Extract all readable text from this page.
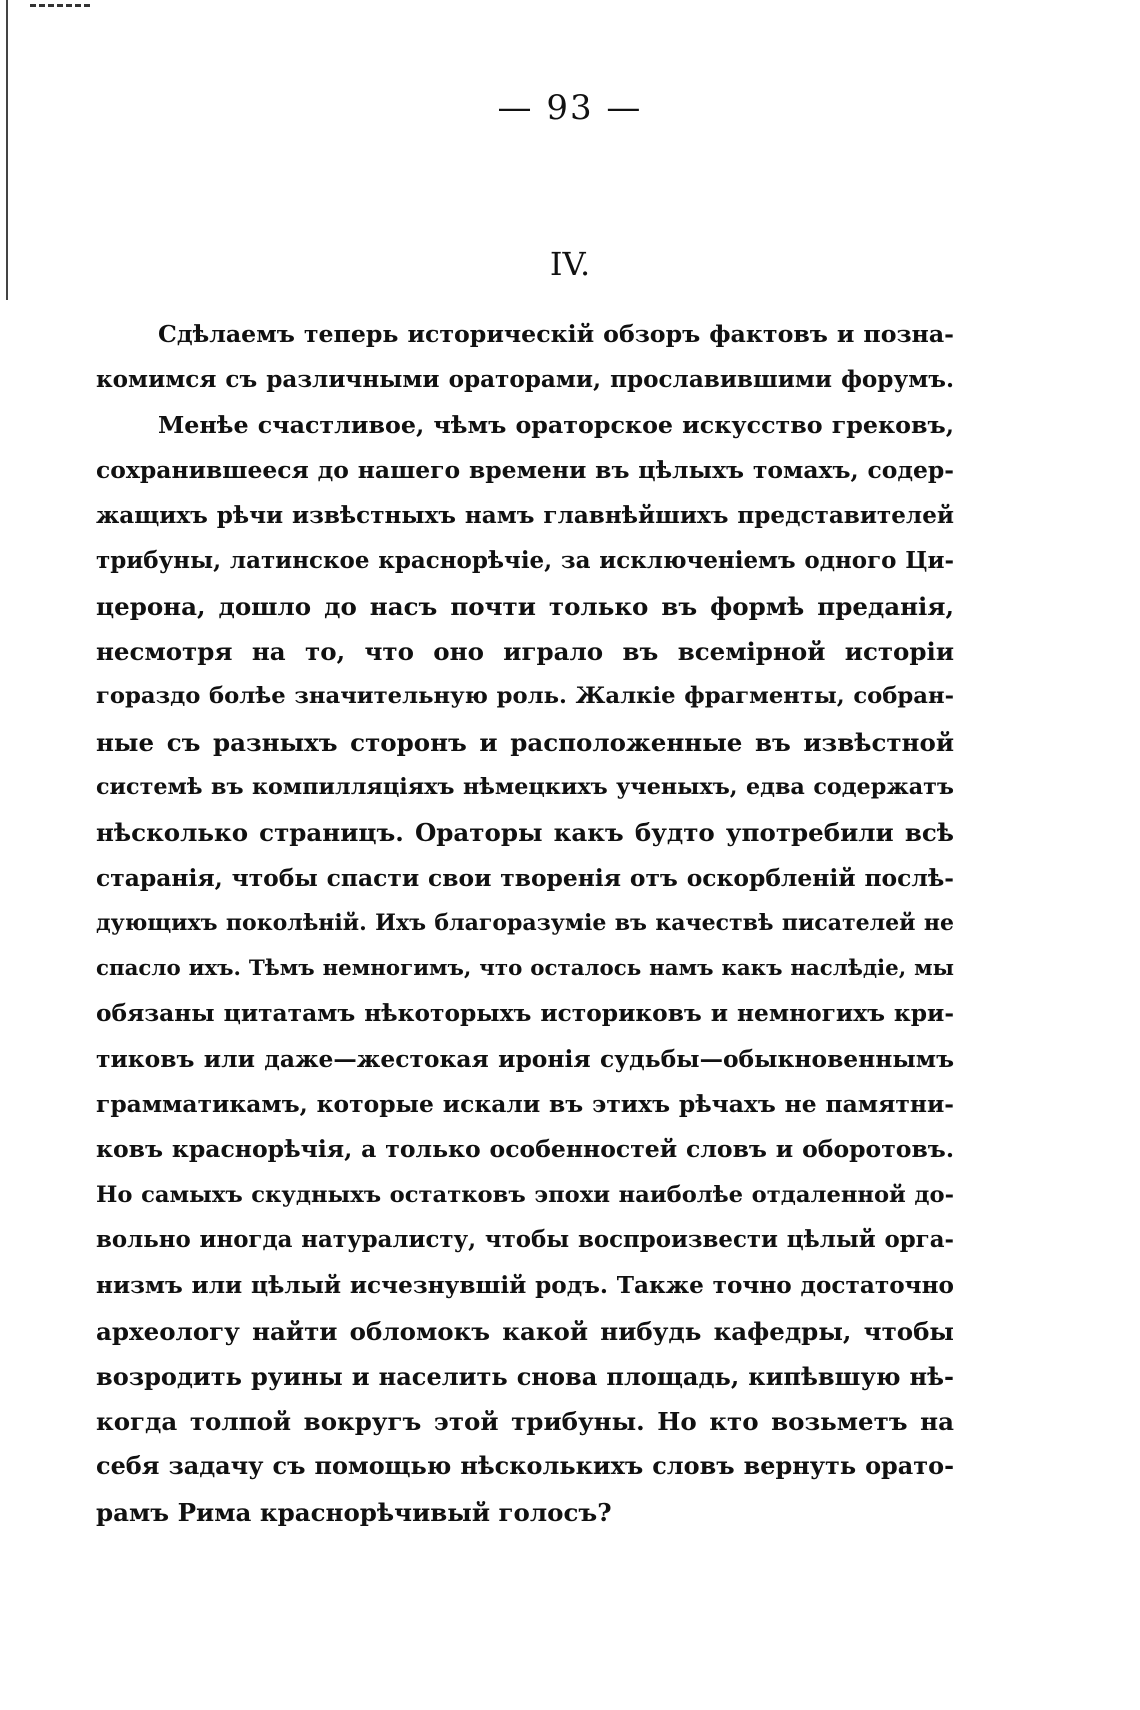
— 93 —
IV.
Сдѣлаемъ теперь историческій обзоръ фактовъ и позна-
комимся съ различными ораторами, прославившими форумъ.
Менѣе счастливое, чѣмъ ораторское искусство грековъ,
сохранившееся до нашего времени въ цѣлыхъ томахъ, содер-
жащихъ рѣчи извѣстныхъ намъ главнѣйшихъ представителей
трибуны, латинское краснорѣчіе, за исключеніемъ одного Ци-
церона, дошло до насъ почти только въ формѣ преданія,
несмотря на то, что оно играло въ всемірной исторіи
гораздо болѣе значительную роль. Жалкіе фрагменты, собран-
ные съ разныхъ сторонъ и расположенные въ извѣстной
системѣ въ компилляціяхъ нѣмецкихъ ученыхъ, едва содержатъ
нѣсколько страницъ. Ораторы какъ будто употребили всѣ
старанія, чтобы спасти свои творенія отъ оскорбленій послѣ-
дующихъ поколѣній. Ихъ благоразуміе въ качествѣ писателей не
спасло ихъ. Тѣмъ немногимъ, что осталось намъ какъ наслѣдіе, мы
обязаны цитатамъ нѣкоторыхъ историковъ и немногихъ кри-
тиковъ или даже—жестокая иронія судьбы—обыкновеннымъ
грамматикамъ, которые искали въ этихъ рѣчахъ не памятни-
ковъ краснорѣчія, а только особенностей словъ и оборотовъ.
Но самыхъ скудныхъ остатковъ эпохи наиболѣе отдаленной до-
вольно иногда натуралисту, чтобы воспроизвести цѣлый орга-
низмъ или цѣлый исчезнувшій родъ. Также точно достаточно
археологу найти обломокъ какой нибудь кафедры, чтобы
возродить руины и населить снова площадь, кипѣвшую нѣ-
когда толпой вокругъ этой трибуны. Но кто возьметъ на
себя задачу съ помощью нѣсколькихъ словъ вернуть орато-
рамъ Рима краснорѣчивый голосъ?
